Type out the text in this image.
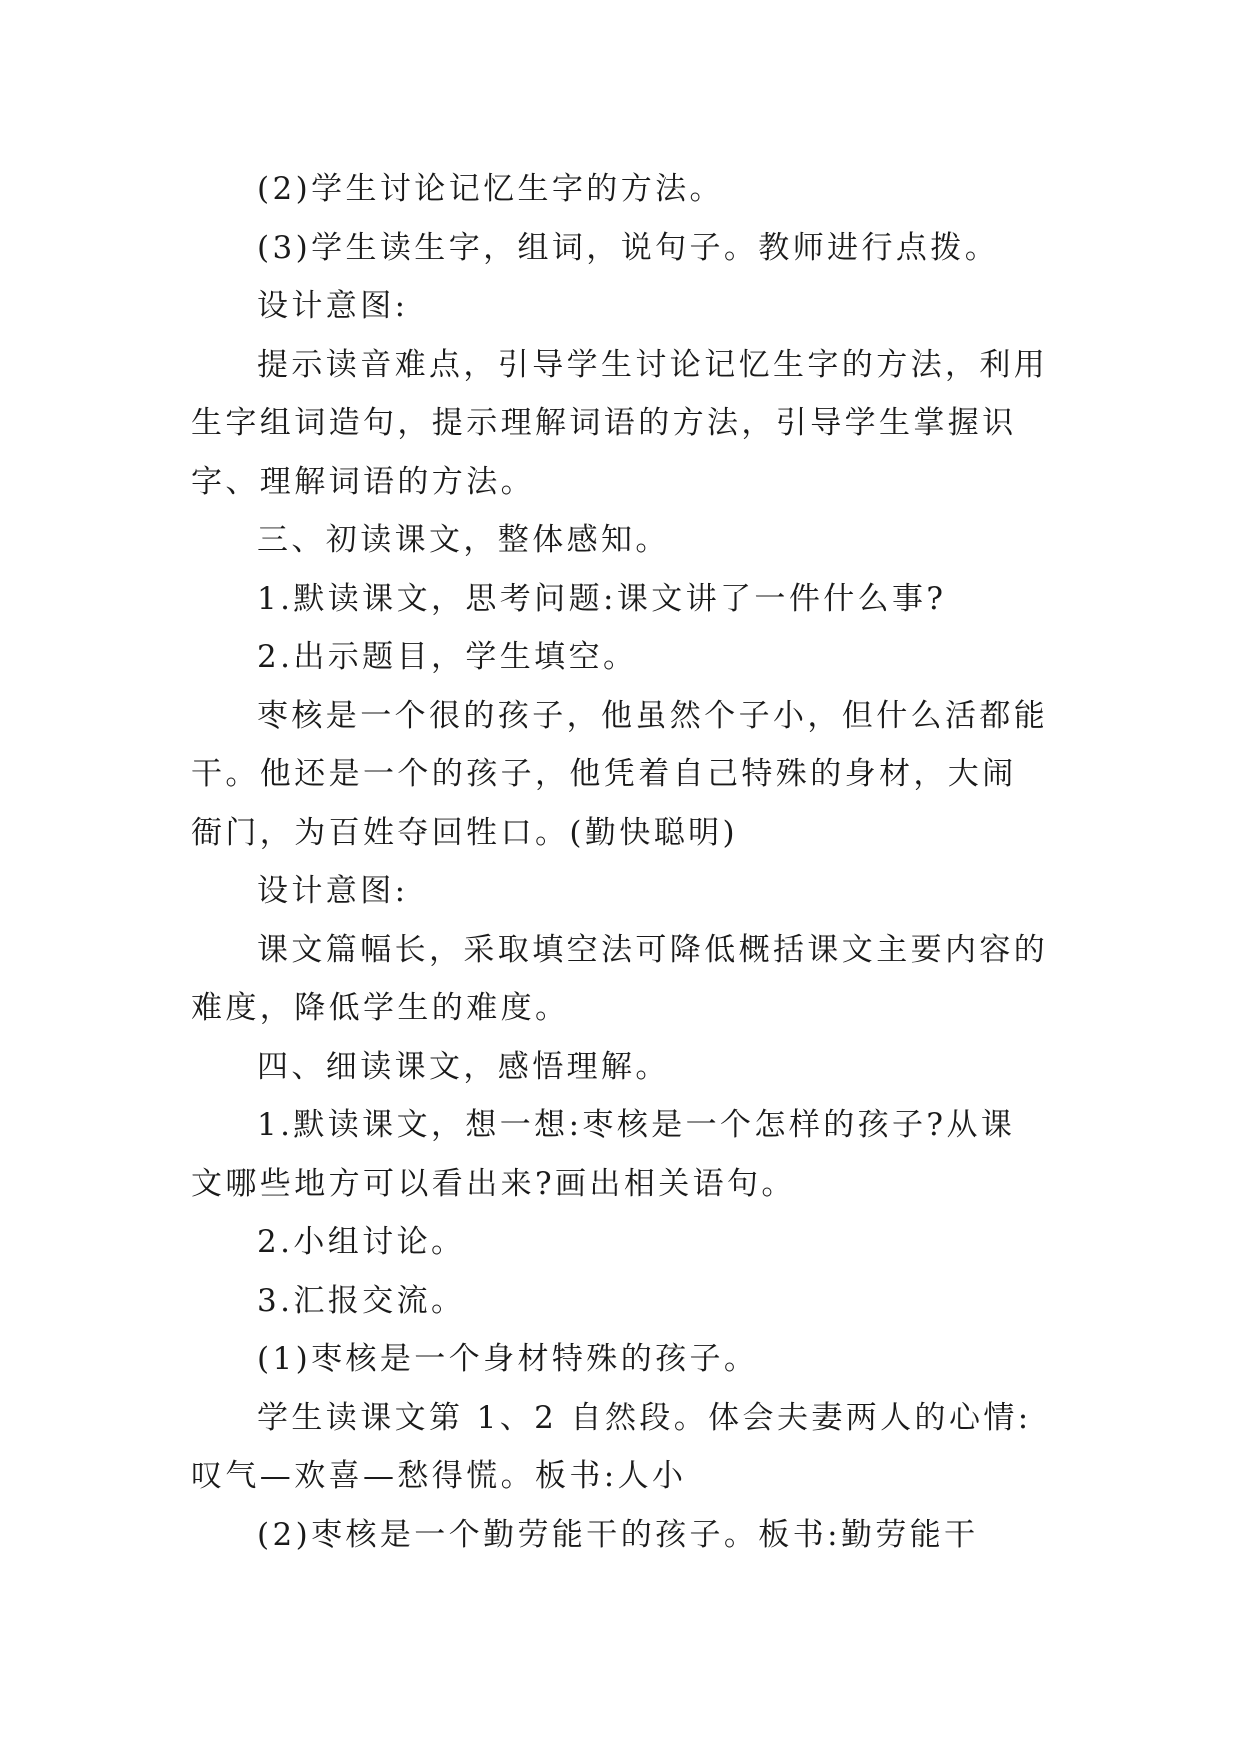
(2)学生讨论记忆生字的方法。

(3)学生读生字，组词，说句子。教师进行点拨。

设计意图:

提示读音难点，引导学生讨论记忆生字的方法，利用生字组词造句，提示理解词语的方法，引导学生掌握识字、理解词语的方法。

三、初读课文，整体感知。

1.默读课文，思考问题:课文讲了一件什么事?

2.出示题目，学生填空。

枣核是一个很的孩子，他虽然个子小，但什么活都能干。他还是一个的孩子，他凭着自己特殊的身材，大闹衙门，为百姓夺回牲口。(勤快聪明)

设计意图:

课文篇幅长，采取填空法可降低概括课文主要内容的难度，降低学生的难度。

四、细读课文，感悟理解。

1.默读课文，想一想:枣核是一个怎样的孩子?从课文哪些地方可以看出来?画出相关语句。

2.小组讨论。

3.汇报交流。

(1)枣核是一个身材特殊的孩子。

学生读课文第 1、2 自然段。体会夫妻两人的心情:叹气—欢喜—愁得慌。板书:人小

(2)枣核是一个勤劳能干的孩子。板书:勤劳能干
